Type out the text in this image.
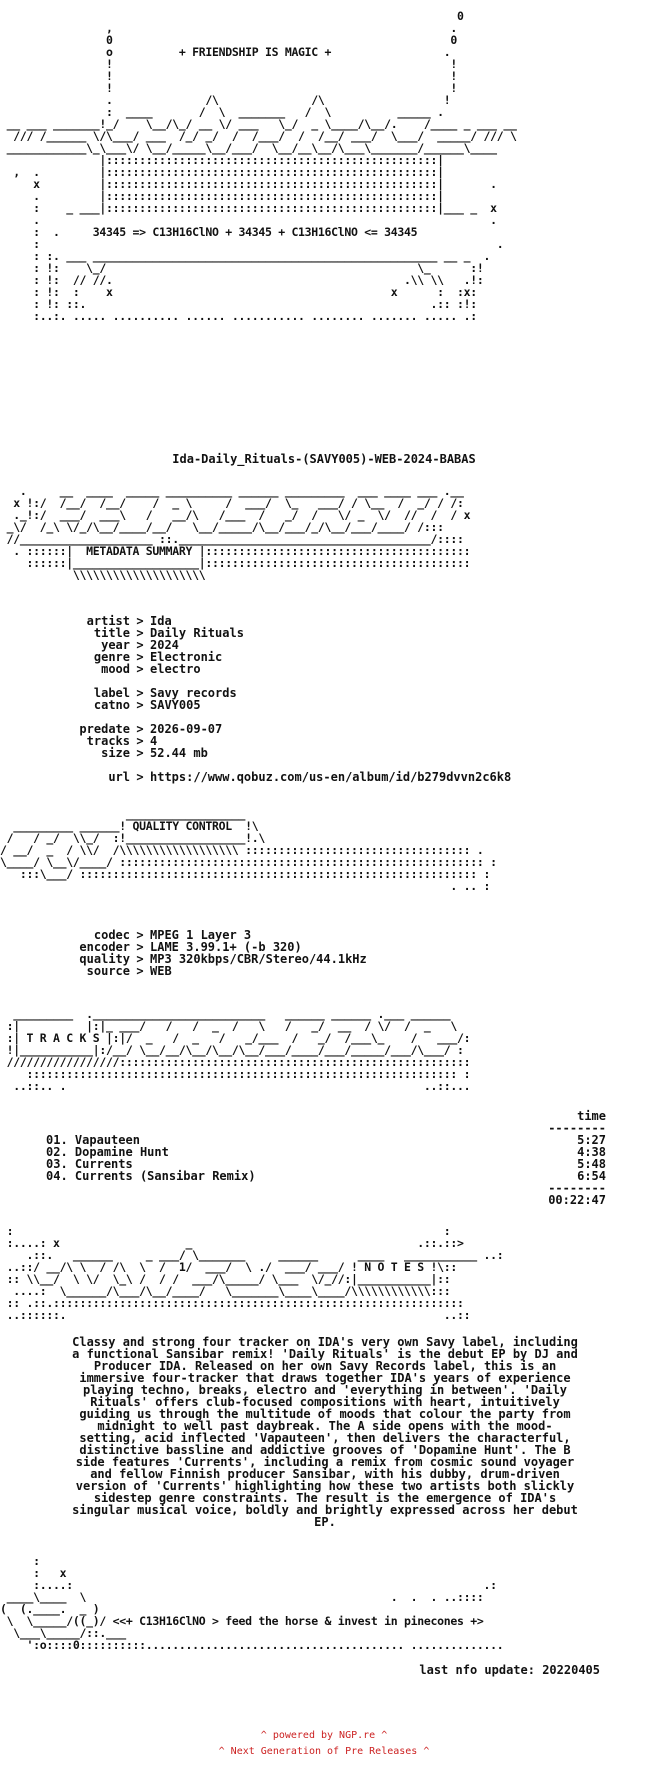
0
,                                                   .
0                                                   0
o          + FRIENDSHIP IS MAGIC +                 .
!                                                   !
!                                                   !
!                                                   !
.              /\              /\                  !
:  ____       /  \  _______   /  \          _____ .
__ ___ _______!_/    \__/\_/ __ \/ ___   \_/  _ \____/\__/.    /____ _ ___ __
/// /______ \/\___/ ___  /_/ _/  /  /___/  /  /__/ ___/  \___/  _____/ /// \
____________\_\___\/ \__/_____\__/___/  \__/__\__/\___\_______/______\____
|::::::::::::::::::::::::::::::::::::::::::::::::::|
,  .         |::::::::::::::::::::::::::::::::::::::::::::::::::|
x         |::::::::::::::::::::::::::::::::::::::::::::::::::|       .
.         |::::::::::::::::::::::::::::::::::::::::::::::::::|
:    _ ___|::::::::::::::::::::::::::::::::::::::::::::::::::|___ _  x
.                                                                    .
:  .     34345 => C13H16ClNO + 34345 + C13H16ClNO <= 34345
:                                                                     .
: :. ___ ____________________________________________________ __ _  .
: !:    \_/                                               \_      :!
: !:  // //.                                            .\\ \\   .!:
: !:  :    x                                          x      :  :x:
: !: ::.                                                    .:: :!:
:..:. ..... .......... ...... ........... ........ ....... ..... .:
Ida-Daily_Rituals-(SAVY005)-WEB-2024-BABAS
.     __  ____  _____ __________ ______ _________  ___ ____ ___ .__
x !:/  /__/  /__/    /  _ \     /  ___/  \_   ___/ / \__  /  _/ / /:
._!:/  ___/  ___\   /   __/\   /___  /   _/  /   \/ _  \/  //  /  / x
_\/  /_\ \/_/\__/____/__/   \__/_____/\__/___/_/\__/___/____/ /:::
//____________________ ::.______________________________________/::::
. ::::::|  METADATA SUMMARY |::::::::::::::::::::::::::::::::::::::::
::::::|___________________|::::::::::::::::::::::::::::::::::::::::
\\\\\\\\\\\\\\\\\\\\
artist > Ida
title > Daily Rituals
year > 2024
genre > Electronic
mood > electro
label > Savy records
catno > SAVY005
predate > 2026-09-07
tracks > 4
size > 52.44 mb
url > https://www.qobuz.com/us-en/album/id/b279dvvn2c6k8
__________________
_________ ______! QUALITY CONTROL  !\
/   / _/  \\_/  :!__________________!.\
/ __/  _  / \\/  /\\\\\\\\\\\\\\\\\\ :::::::::::::::::::::::::::::::::: .
\____/ \__\/____/ ::::::::::::::::::::::::::::::::::::::::::::::::::::::: :
:::\___/ :::::::::::::::::::::::::::::::::::::::::::::::::::::::::::: :
. .. :
codec > MPEG 1 Layer 3
encoder > LAME 3.99.1+ (-b 320)
quality > MP3 320kbps/CBR/Stereo/44.1kHz
source > WEB
_________  .__________________________   ______ ______ .___ ______
:|          |:|_ ___/   /   /  _  /   \   /   _/  __  / \/  /  _   \
:| T R A C K S |:|/  _   /  _   /   _/___  /   _/  /___\_    /   ___/:
!|___________|:/__/ \__/__/\__/\__/\__/___/____/___/_____/___/\___/ :
/////////////////:::::::::::::::::::::::::::::::::::::::::::::::::::::
::::::::::::::::::::::::::::::::::::::::::::::::::::::::::::::::: :
..::.. .                                                      ..::...
time
--------
01. Vapauteen	5:27
02. Dopamine Hunt	4:38
03. Currents	5:48
04. Currents (Sansibar Remix)	6:54
--------
00:22:47
:                                                                 :
:....: x                   _                                  .::.::>
.::.   ______     _ ___/ \_______     ______      ____   ___________ ..:
..::/ __/\ \  / /\  \  /  1/  ___/  \ ./  ___/ ___/ ! N O T E S !\::
:: \\__/  \ \/  \_\ /  / /  ___/\_____/ \___  \/_//:|___________|::
....:  \______/\___/\__/____/   \_______\____\____/\\\\\\\\\\\\:::
:: .::.::::::::::::::::::::::::::::::::::::::::::::::::::::::::::::::
..::::::.                                                         ..::
Classy and strong four tracker on IDA's very own Savy label, including
a functional Sansibar remix! 'Daily Rituals' is the debut EP by DJ and
Producer IDA. Released on her own Savy Records label, this is an
immersive four-tracker that draws together IDA's years of experience
playing techno, breaks, electro and 'everything in between'. 'Daily
Rituals' offers club-focused compositions with heart, intuitively
guiding us through the multitude of moods that colour the party from
midnight to well past daybreak. The A side opens with the mood-
setting, acid inflected 'Vapauteen', then delivers the characterful,
distinctive bassline and addictive grooves of 'Dopamine Hunt'. The B
side features 'Currents', including a remix from cosmic sound voyager
and fellow Finnish producer Sansibar, with his dubby, drum-driven
version of 'Currents' highlighting how these two artists both slickly
sidestep genre constraints. The result is the emergence of IDA's
singular musical voice, boldly and brightly expressed across her debut
EP.
:
:   x
:....:                                                              .:
____\____  \                                              .  .  . ..::::
(  (.____.  _ )
\  \_____/((_)/ <<+ C13H16ClNO > feed the horse & invest in pinecones +>
\___\_____/::.___
':o::::0::::::::::....................................... ..............
last nfo update: 20220405
^ powered by NGP.re ^
^ Next Generation of Pre Releases ^
